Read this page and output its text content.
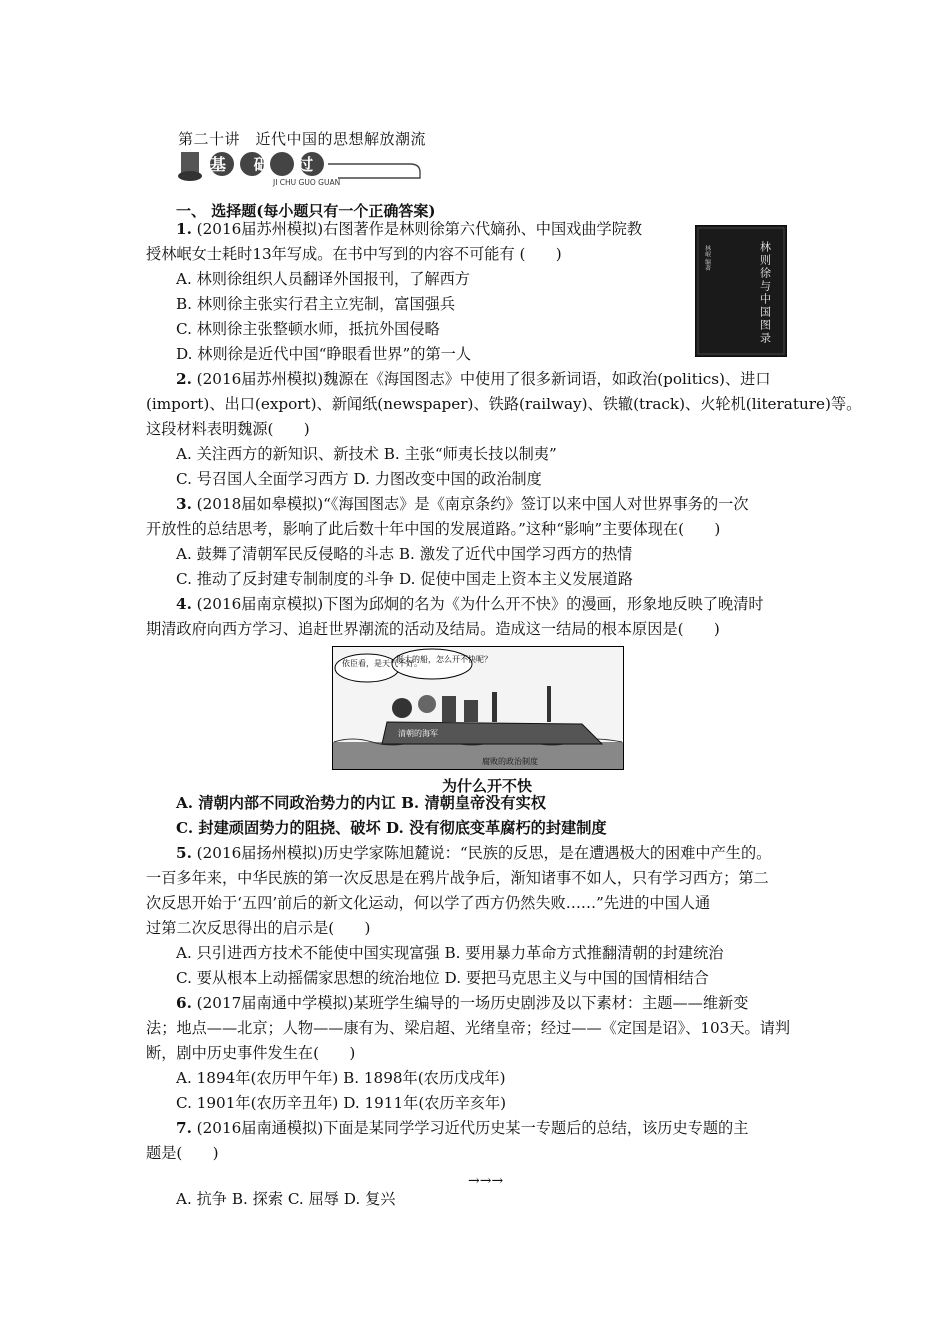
第二十讲　近代中国的思想解放潮流
基 础 过 关
JI CHU GUO GUAN
一、 选择题(每小题只有一个正确答案)
林岷 编著	林则徐与中国图录
1. (2016届苏州模拟)右图著作是林则徐第六代嫡孙、中国戏曲学院教
授林岷女士耗时13年写成。在书中写到的内容不可能有 (　　)
A. 林则徐组织人员翻译外国报刊，了解西方
B. 林则徐主张实行君主立宪制，富国强兵
C. 林则徐主张整顿水师，抵抗外国侵略
D. 林则徐是近代中国“睁眼看世界”的第一人
2. (2016届苏州模拟)魏源在《海国图志》中使用了很多新词语，如政治(politics)、进口
(import)、出口(export)、新闻纸(newspaper)、铁路(railway)、铁辙(track)、火轮机(literature)等。
这段材料表明魏源(　　)
A. 关注西方的新知识、新技术 B. 主张“师夷长技以制夷”
C. 号召国人全面学习西方 D. 力图改变中国的政治制度
3. (2018届如皋模拟)“《海国图志》是《南京条约》签订以来中国人对世界事务的一次
开放性的总结思考，影响了此后数十年中国的发展道路。”这种“影响”主要体现在(　　)
A. 鼓舞了清朝军民反侵略的斗志 B. 激发了近代中国学习西方的热情
C. 推动了反封建专制制度的斗争 D. 促使中国走上资本主义发展道路
4. (2016届南京模拟)下图为邱炯的名为《为什么开不快》的漫画，形象地反映了晚清时
期清政府向西方学习、追赶世界潮流的活动及结局。造成这一结局的根本原因是(　　)
A. 清朝内部不同政治势力的内讧 B. 清朝皇帝没有实权
C. 封建顽固势力的阻挠、破坏 D. 没有彻底变革腐朽的封建制度
5. (2016届扬州模拟)历史学家陈旭麓说：“民族的反思，是在遭遇极大的困难中产生的。
一百多年来，中华民族的第一次反思是在鸦片战争后，渐知诸事不如人，只有学习西方；第二
次反思开始于‘五四’前后的新文化运动，何以学了西方仍然失败……”先进的中国人通
过第二次反思得出的启示是(　　)
A. 只引进西方技术不能使中国实现富强 B. 要用暴力革命方式推翻清朝的封建统治
C. 要从根本上动摇儒家思想的统治地位 D. 要把马克思主义与中国的国情相结合
6. (2017届南通中学模拟)某班学生编导的一场历史剧涉及以下素材：主题——维新变
法；地点——北京；人物——康有为、梁启超、光绪皇帝；经过——《定国是诏》、103天。请判
断，剧中历史事件发生在(　　)
A. 1894年(农历甲午年) B. 1898年(农历戊戌年)
C. 1901年(农历辛丑年) D. 1911年(农历辛亥年)
7. (2016届南通模拟)下面是某同学学习近代历史某一专题后的总结，该历史专题的主
题是(　　)
A. 抗争 B. 探索 C. 屈辱 D. 复兴
依臣看，是天气不好。
挺大的船，怎么开不快呢？
清朝的海军
腐败的政治制度
为什么开不快
→→→
